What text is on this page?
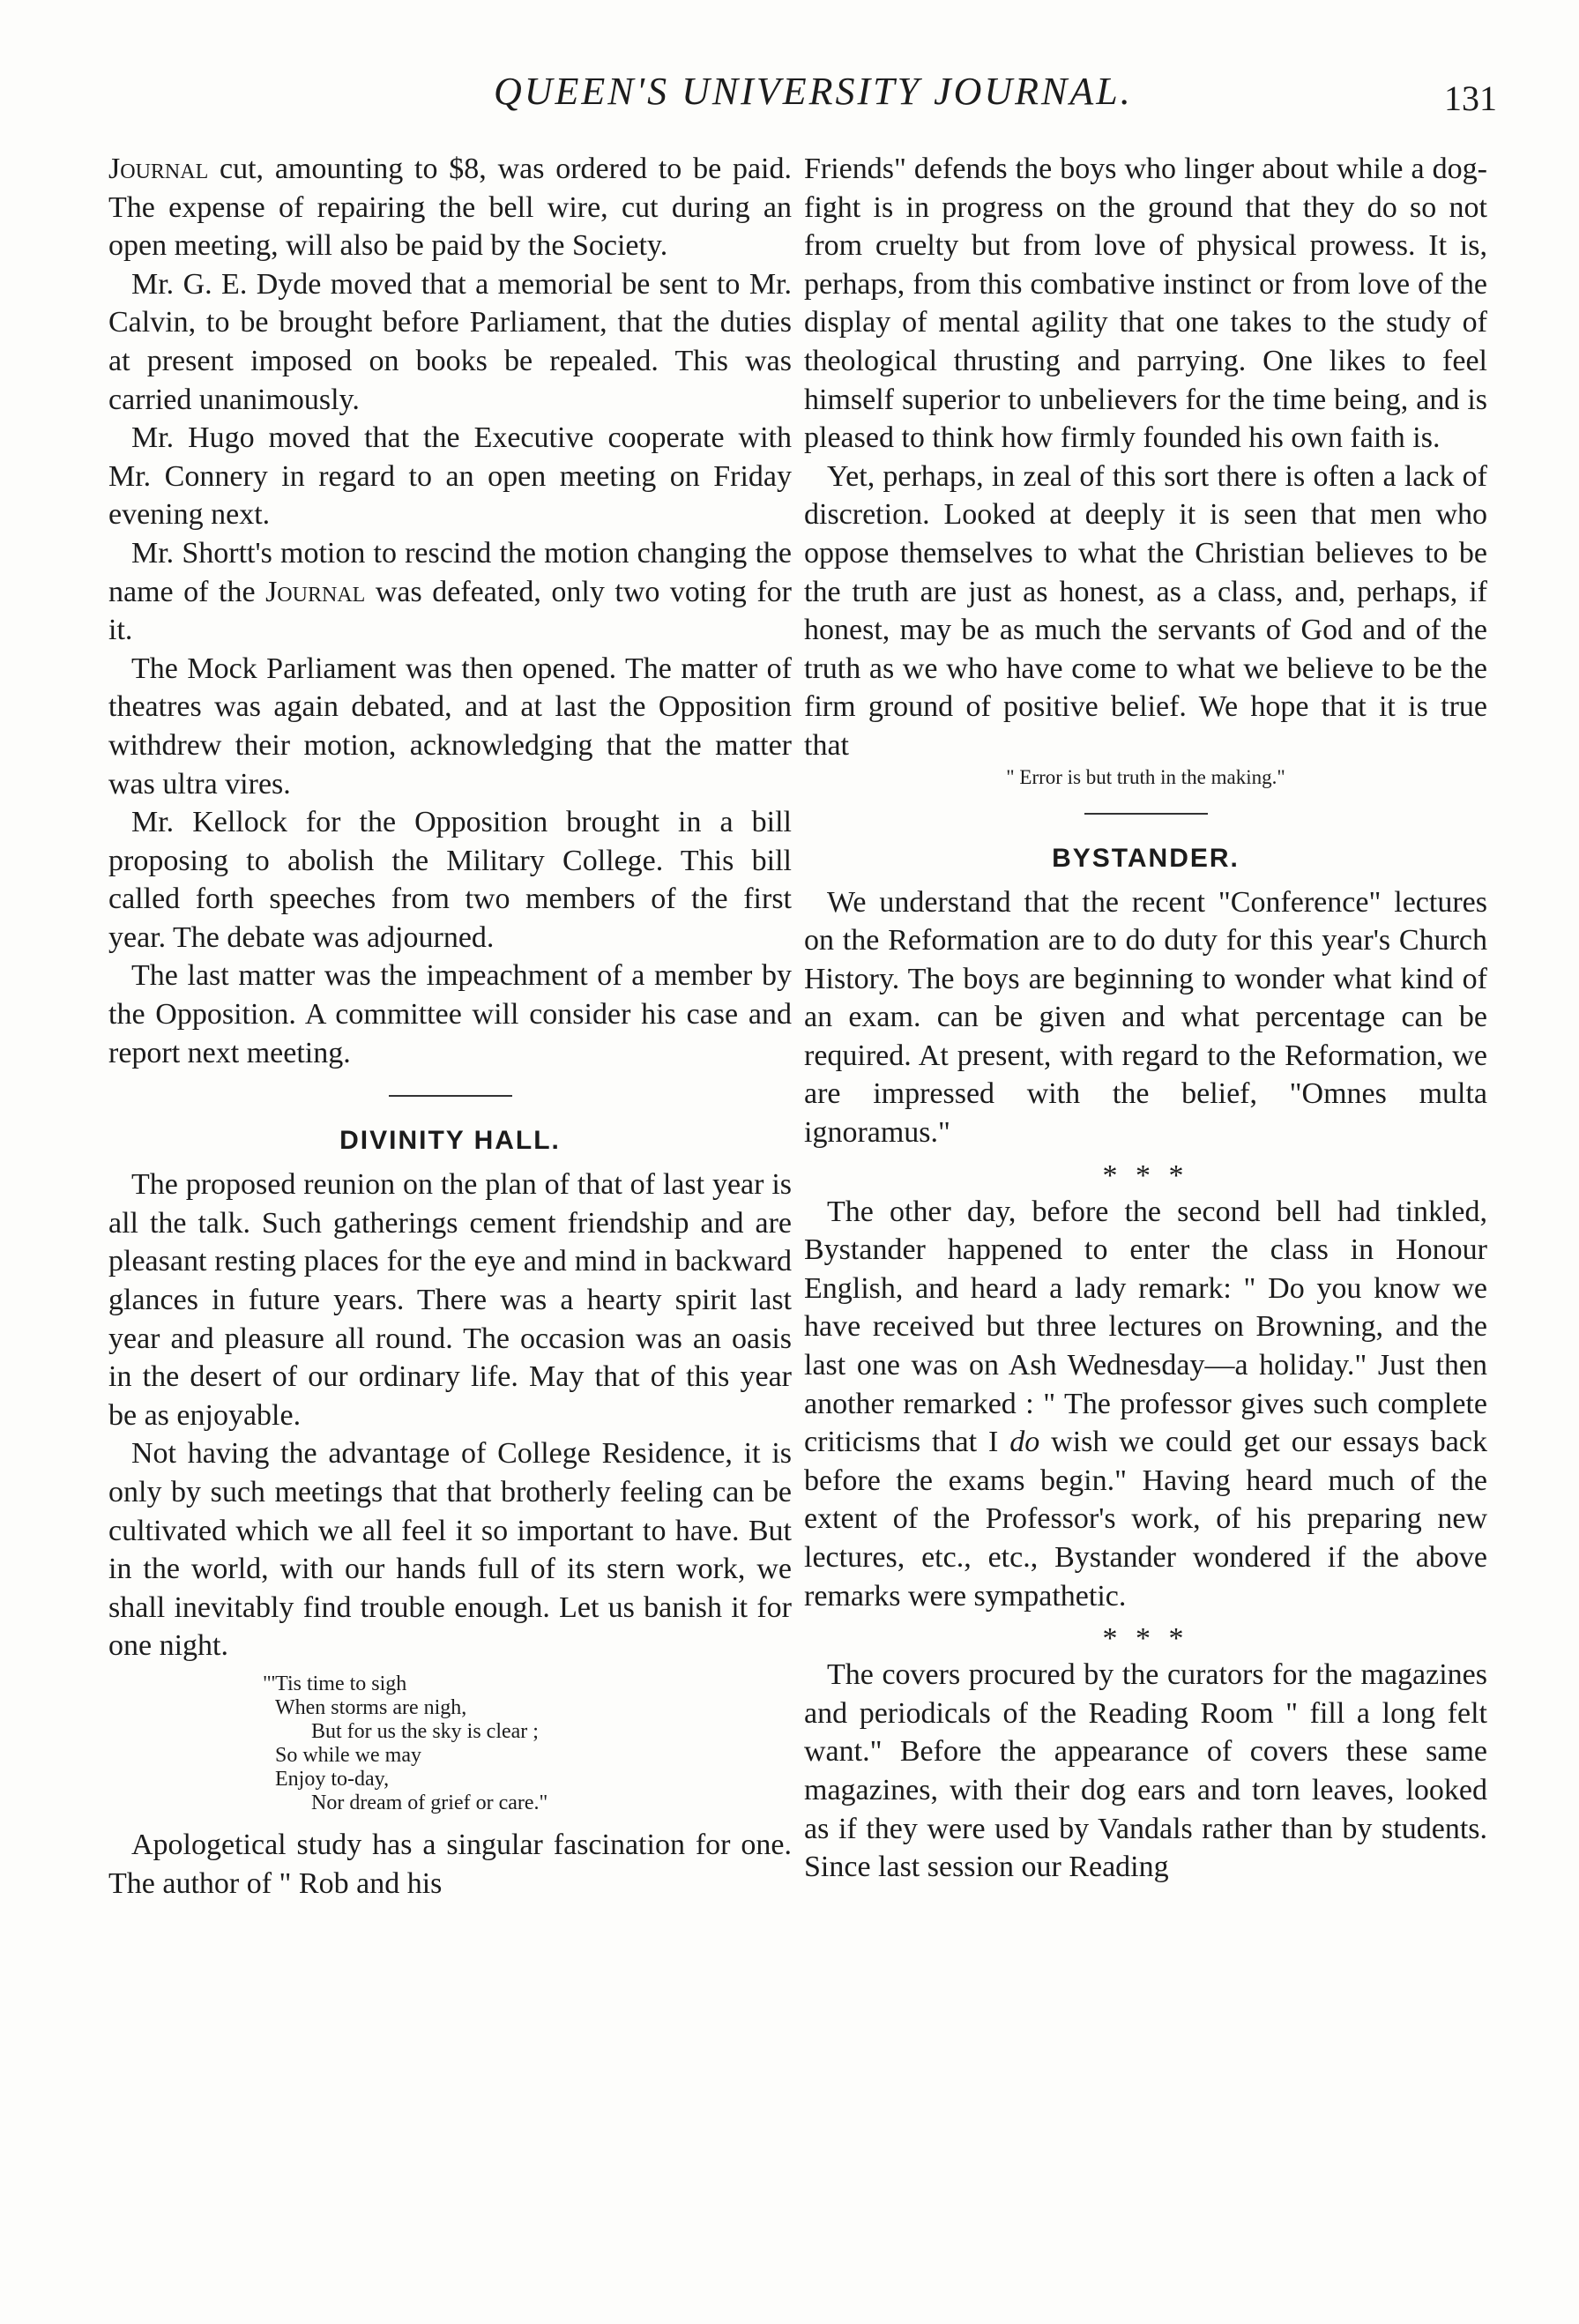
QUEEN'S UNIVERSITY JOURNAL.	131

Journal cut, amounting to $8, was ordered to be paid. The expense of repairing the bell wire, cut during an open meeting, will also be paid by the Society.

Mr. G. E. Dyde moved that a memorial be sent to Mr. Calvin, to be brought before Parliament, that the duties at present imposed on books be repealed. This was carried unanimously.

Mr. Hugo moved that the Executive cooperate with Mr. Connery in regard to an open meeting on Friday evening next.

Mr. Shortt's motion to rescind the motion changing the name of the Journal was defeated, only two voting for it.

The Mock Parliament was then opened. The matter of theatres was again debated, and at last the Opposition withdrew their motion, acknowledging that the matter was ultra vires.

Mr. Kellock for the Opposition brought in a bill proposing to abolish the Military College. This bill called forth speeches from two members of the first year. The debate was adjourned.

The last matter was the impeachment of a member by the Opposition. A committee will consider his case and report next meeting.

DIVINITY HALL.

The proposed reunion on the plan of that of last year is all the talk. Such gatherings cement friendship and are pleasant resting places for the eye and mind in backward glances in future years. There was a hearty spirit last year and pleasure all round. The occasion was an oasis in the desert of our ordinary life. May that of this year be as enjoyable.

Not having the advantage of College Residence, it is only by such meetings that that brotherly feeling can be cultivated which we all feel it so important to have. But in the world, with our hands full of its stern work, we shall inevitably find trouble enough. Let us banish it for one night.

"'Tis time to sigh
When storms are nigh,
But for us the sky is clear ;
So while we may
Enjoy to-day,
Nor dream of grief or care."

Apologetical study has a singular fascination for one. The author of " Rob and his

Friends" defends the boys who linger about while a dog-fight is in progress on the ground that they do so not from cruelty but from love of physical prowess. It is, perhaps, from this combative instinct or from love of the display of mental agility that one takes to the study of theological thrusting and parrying. One likes to feel himself superior to unbelievers for the time being, and is pleased to think how firmly founded his own faith is.

Yet, perhaps, in zeal of this sort there is often a lack of discretion. Looked at deeply it is seen that men who oppose themselves to what the Christian believes to be the truth are just as honest, as a class, and, perhaps, if honest, may be as much the servants of God and of the truth as we who have come to what we believe to be the firm ground of positive belief. We hope that it is true that

" Error is but truth in the making."
BYSTANDER.

We understand that the recent "Conference" lectures on the Reformation are to do duty for this year's Church History. The boys are beginning to wonder what kind of an exam. can be given and what percentage can be required. At present, with regard to the Reformation, we are impressed with the belief, "Omnes multa ignoramus."

* * *

The other day, before the second bell had tinkled, Bystander happened to enter the class in Honour English, and heard a lady remark: " Do you know we have received but three lectures on Browning, and the last one was on Ash Wednesday—a holiday." Just then another remarked : " The professor gives such complete criticisms that I do wish we could get our essays back before the exams begin." Having heard much of the extent of the Professor's work, of his preparing new lectures, etc., etc., Bystander wondered if the above remarks were sympathetic.

* * *

The covers procured by the curators for the magazines and periodicals of the Reading Room " fill a long felt want." Before the appearance of covers these same magazines, with their dog ears and torn leaves, looked as if they were used by Vandals rather than by students. Since last session our Reading
